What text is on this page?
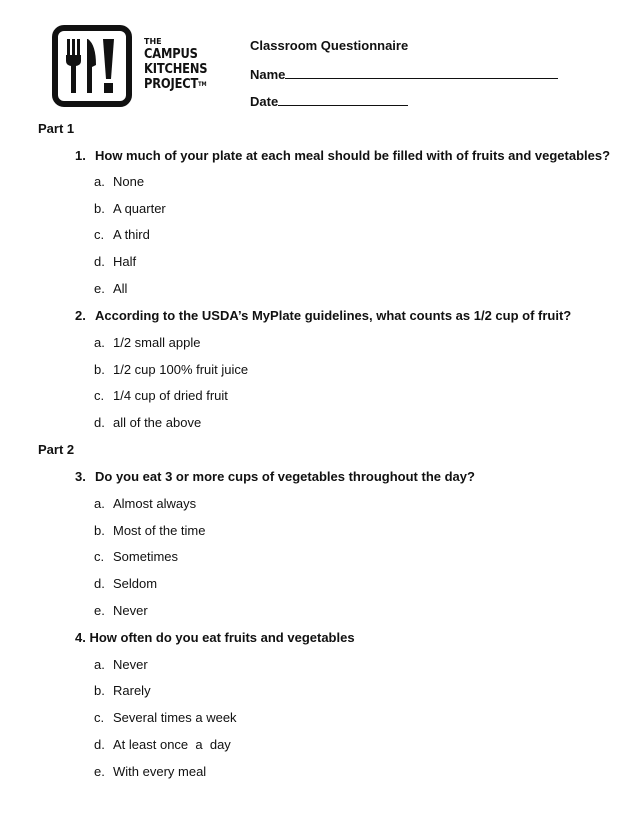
THE
CAMPUS
KITCHENS
PROJECT™
Classroom Questionnaire
Name
Date
Part 1
1. How much of your plate at each meal should be filled with of fruits and vegetables?
a. None
b. A quarter
c. A third
d. Half
e. All
2. According to the USDA’s MyPlate guidelines, what counts as 1/2 cup of fruit?
a. 1/2 small apple
b. 1/2 cup 100% fruit juice
c. 1/4 cup of dried fruit
d. all of the above
Part 2
3. Do you eat 3 or more cups of vegetables throughout the day?
a. Almost always
b. Most of the time
c. Sometimes
d. Seldom
e. Never
4. How often do you eat fruits and vegetables
a. Never
b. Rarely
c. Several times a week
d. At least once  a  day
e. With every meal
